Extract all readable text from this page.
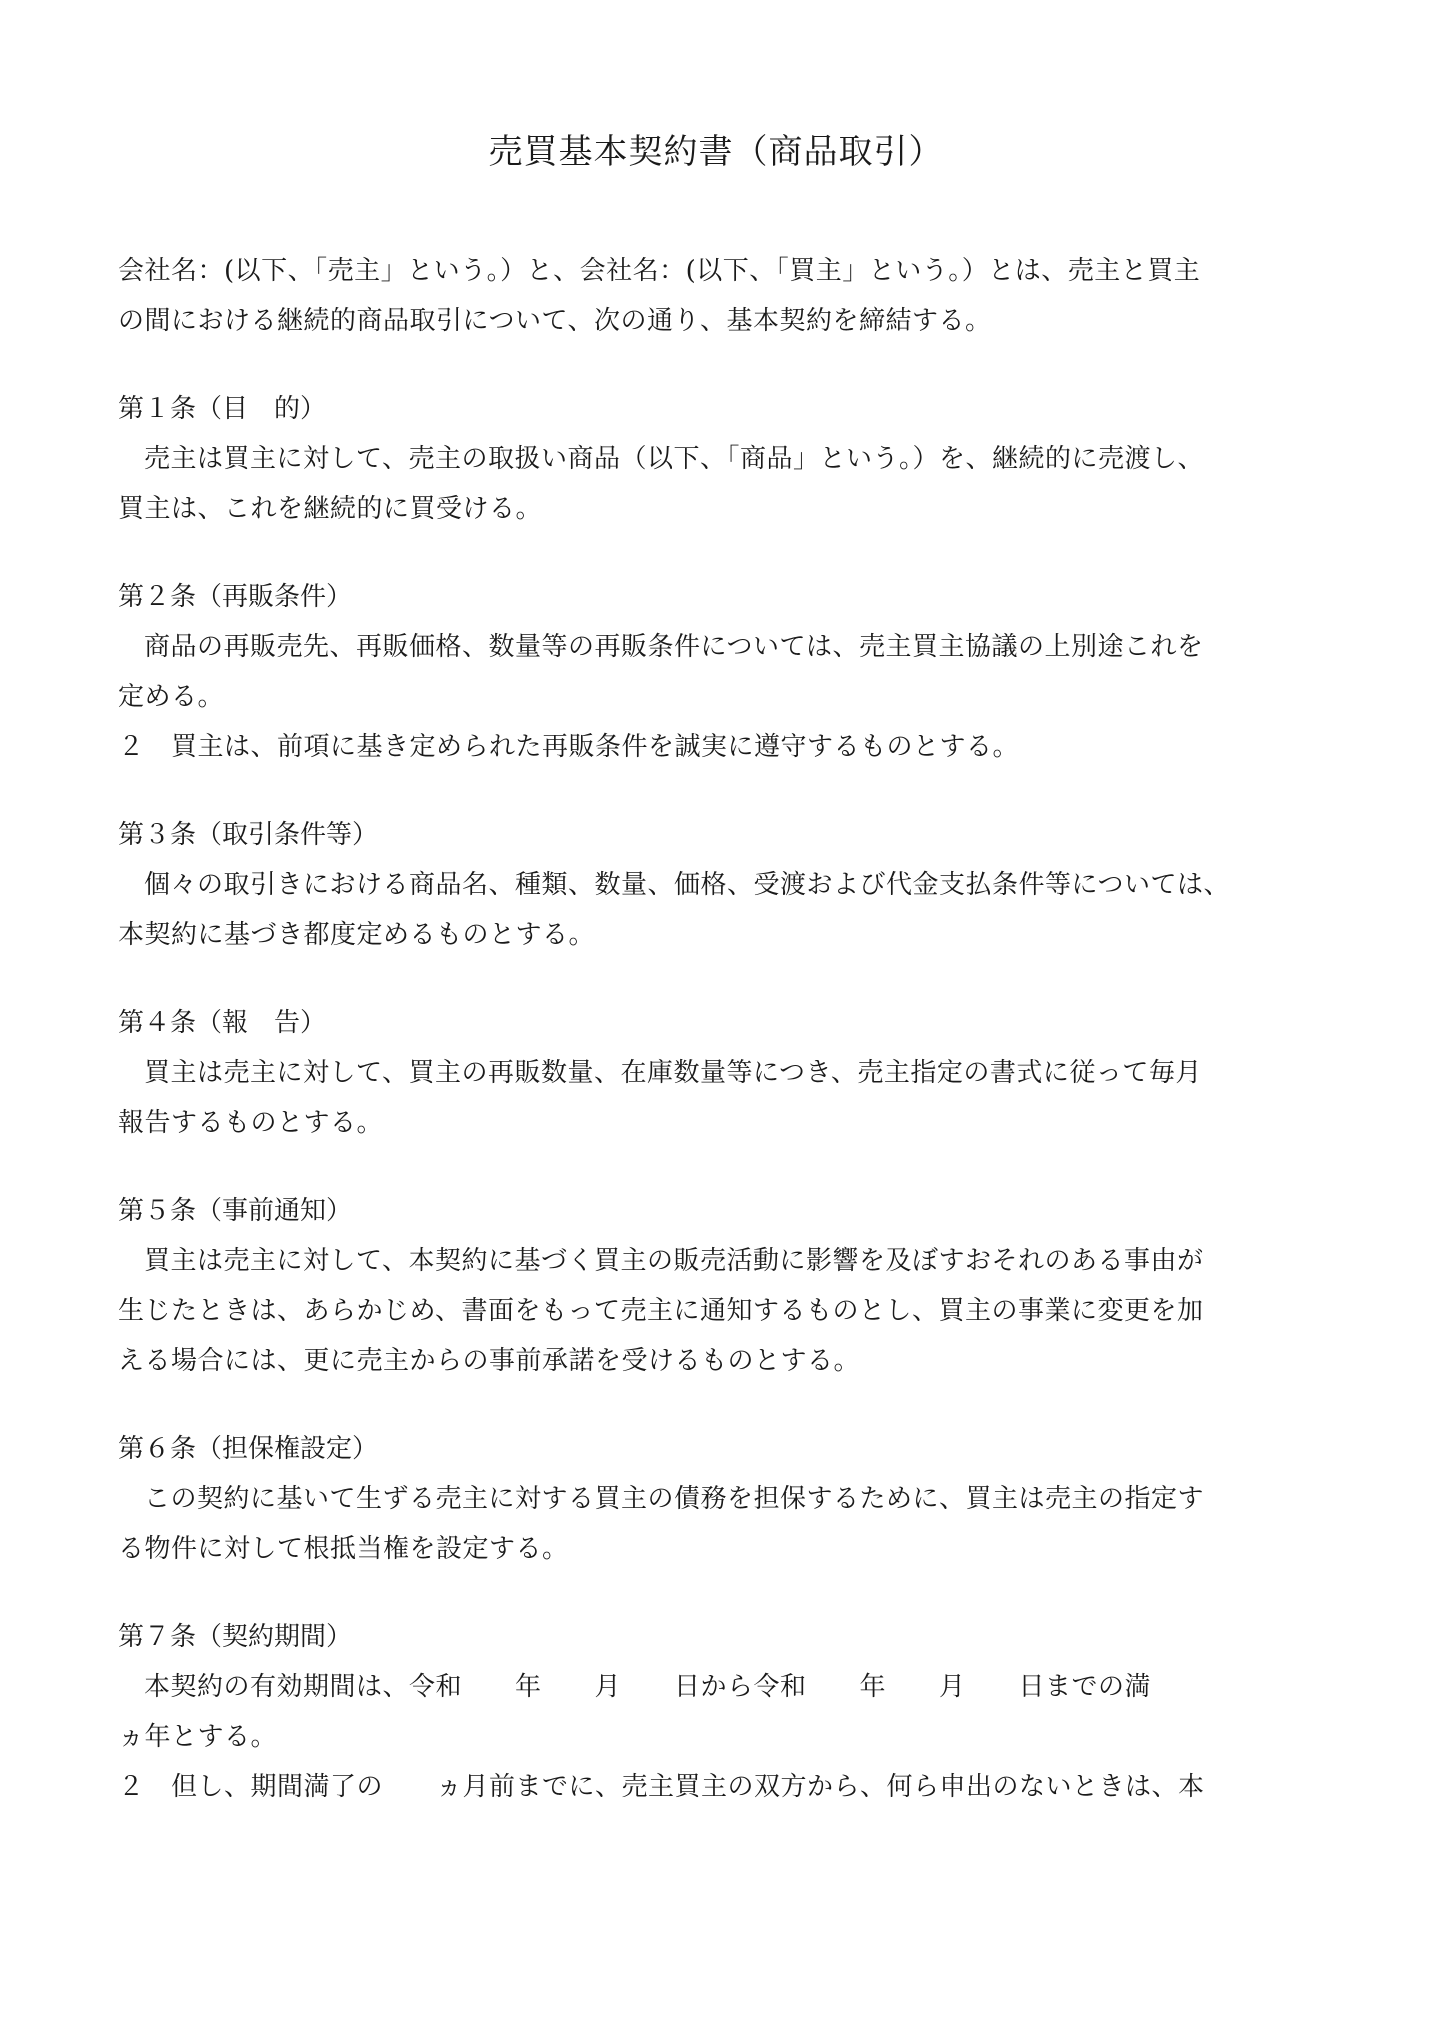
売買基本契約書（商品取引）
会社名：(以下、「売主」という。）と、会社名：(以下、「買主」という。）とは、売主と買主
の間における継続的商品取引について、次の通り、基本契約を締結する。
第１条（目　的）
売主は買主に対して、売主の取扱い商品（以下、「商品」という。）を、継続的に売渡し、
買主は、これを継続的に買受ける。
第２条（再販条件）
商品の再販売先、再販価格、数量等の再販条件については、売主買主協議の上別途これを
定める。
２　買主は、前項に基き定められた再販条件を誠実に遵守するものとする。
第３条（取引条件等）
個々の取引きにおける商品名、種類、数量、価格、受渡および代金支払条件等については、
本契約に基づき都度定めるものとする。
第４条（報　告）
買主は売主に対して、買主の再販数量、在庫数量等につき、売主指定の書式に従って毎月
報告するものとする。
第５条（事前通知）
買主は売主に対して、本契約に基づく買主の販売活動に影響を及ぼすおそれのある事由が
生じたときは、あらかじめ、書面をもって売主に通知するものとし、買主の事業に変更を加
える場合には、更に売主からの事前承諾を受けるものとする。
第６条（担保権設定）
この契約に基いて生ずる売主に対する買主の債務を担保するために、買主は売主の指定す
る物件に対して根抵当権を設定する。
第７条（契約期間）
本契約の有効期間は、令和　　年　　月　　日から令和　　年　　月　　日までの満
ヵ年とする。
２　但し、期間満了の　　ヵ月前までに、売主買主の双方から、何ら申出のないときは、本
